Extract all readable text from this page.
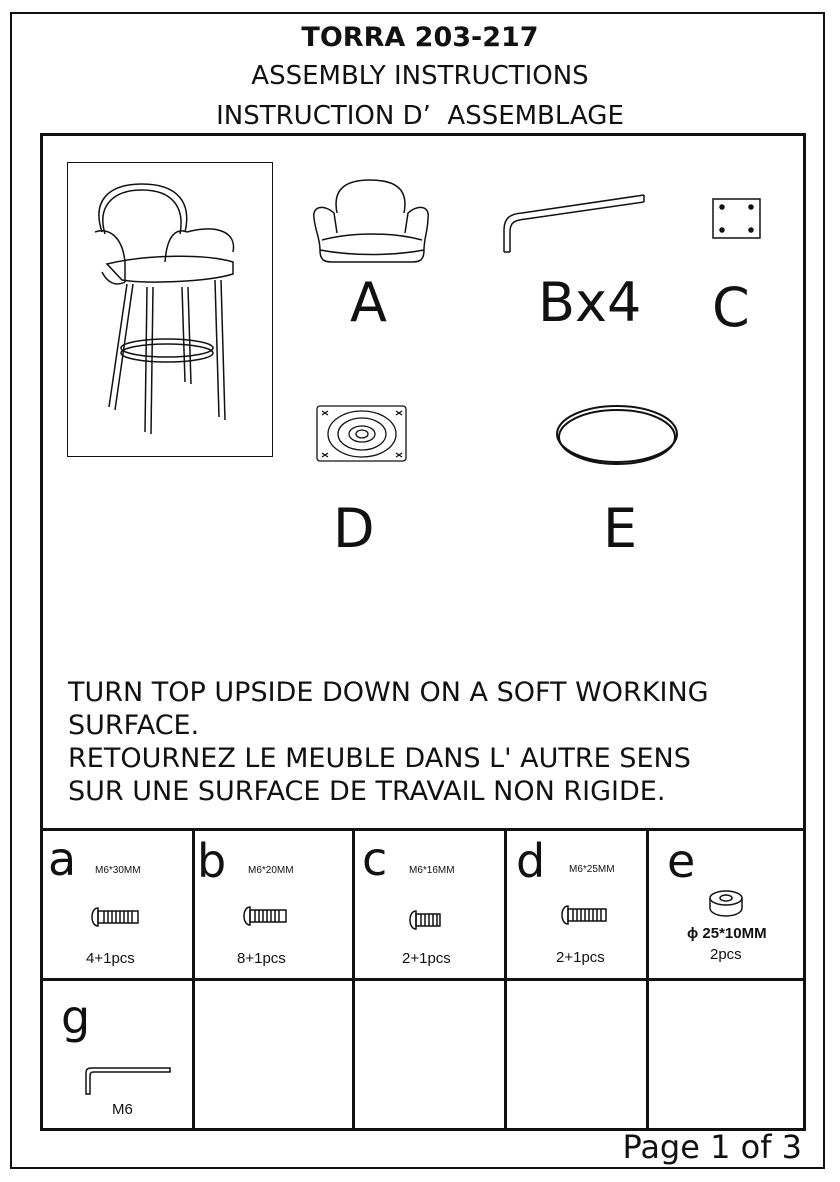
TORRA 203-217
ASSEMBLY INSTRUCTIONS
INSTRUCTION D’  ASSEMBLAGE
A	Bx4 C
D	E
TURN TOP UPSIDE DOWN ON A SOFT WORKING
SURFACE.
RETOURNEZ LE MEUBLE DANS L' AUTRE SENS
SUR UNE SURFACE DE TRAVAIL NON RIGIDE.
a M6*30MM
4+1pcs
b M6*20MM
8+1pcs
c M6*16MM
2+1pcs
d M6*25MM
2+1pcs
e
ϕ 25*10MM
2pcs
g
M6
Page 1 of 3
